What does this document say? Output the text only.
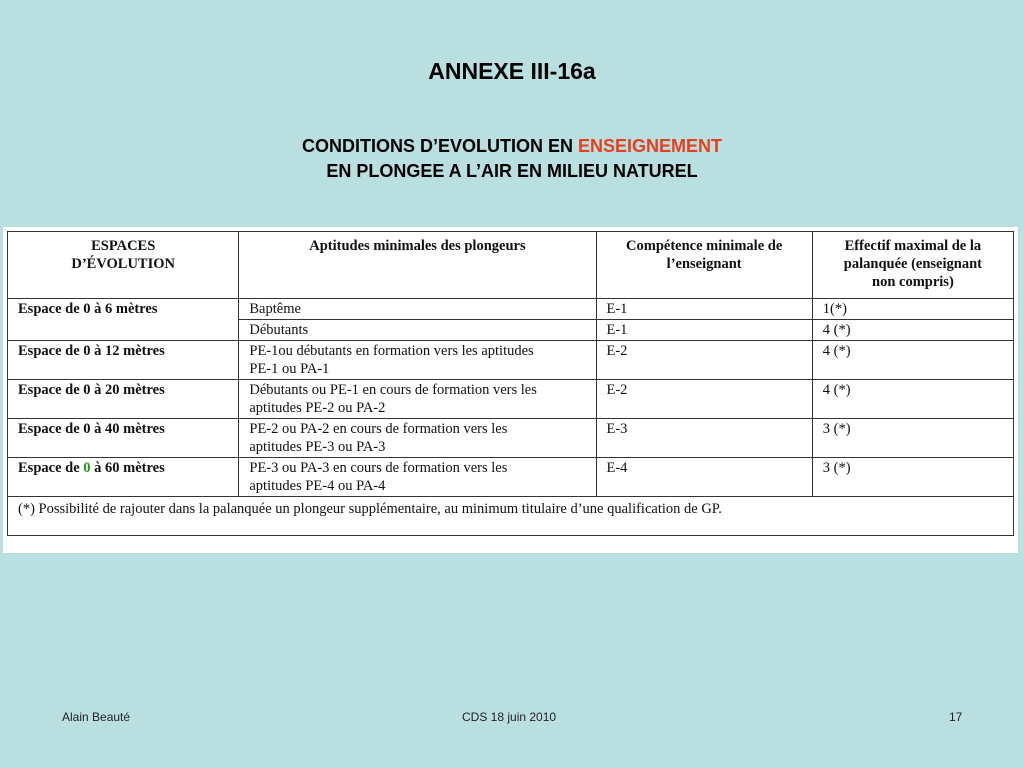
ANNEXE III-16a
CONDITIONS D’EVOLUTION EN ENSEIGNEMENT
EN PLONGEE A L’AIR EN MILIEU NATUREL
ESPACES
D’ÉVOLUTION	Aptitudes minimales des plongeurs	Compétence minimale de
l’enseignant	Effectif maximal de la
palanquée (enseignant
non compris)
Espace de 0 à 6 mètres	Baptême	E-1	1(*)
	Débutants	E-1	4 (*)
Espace de 0 à 12 mètres	PE-1ou débutants en formation vers les aptitudes
PE-1 ou PA-1	E-2	4 (*)
Espace de 0 à 20 mètres	Débutants ou PE-1 en cours de formation vers les
aptitudes PE-2 ou PA-2	E-2	4 (*)
Espace de 0 à 40 mètres	PE-2 ou PA-2 en cours de formation vers les
aptitudes PE-3 ou PA-3	E-3	3 (*)
Espace de 0 à 60 mètres	PE-3 ou PA-3 en cours de formation vers les
aptitudes PE-4 ou PA-4	E-4	3 (*)
(*) Possibilité de rajouter dans la palanquée un plongeur supplémentaire, au minimum titulaire d’une qualification de GP.			
Alain Beauté	CDS 18 juin 2010	17
